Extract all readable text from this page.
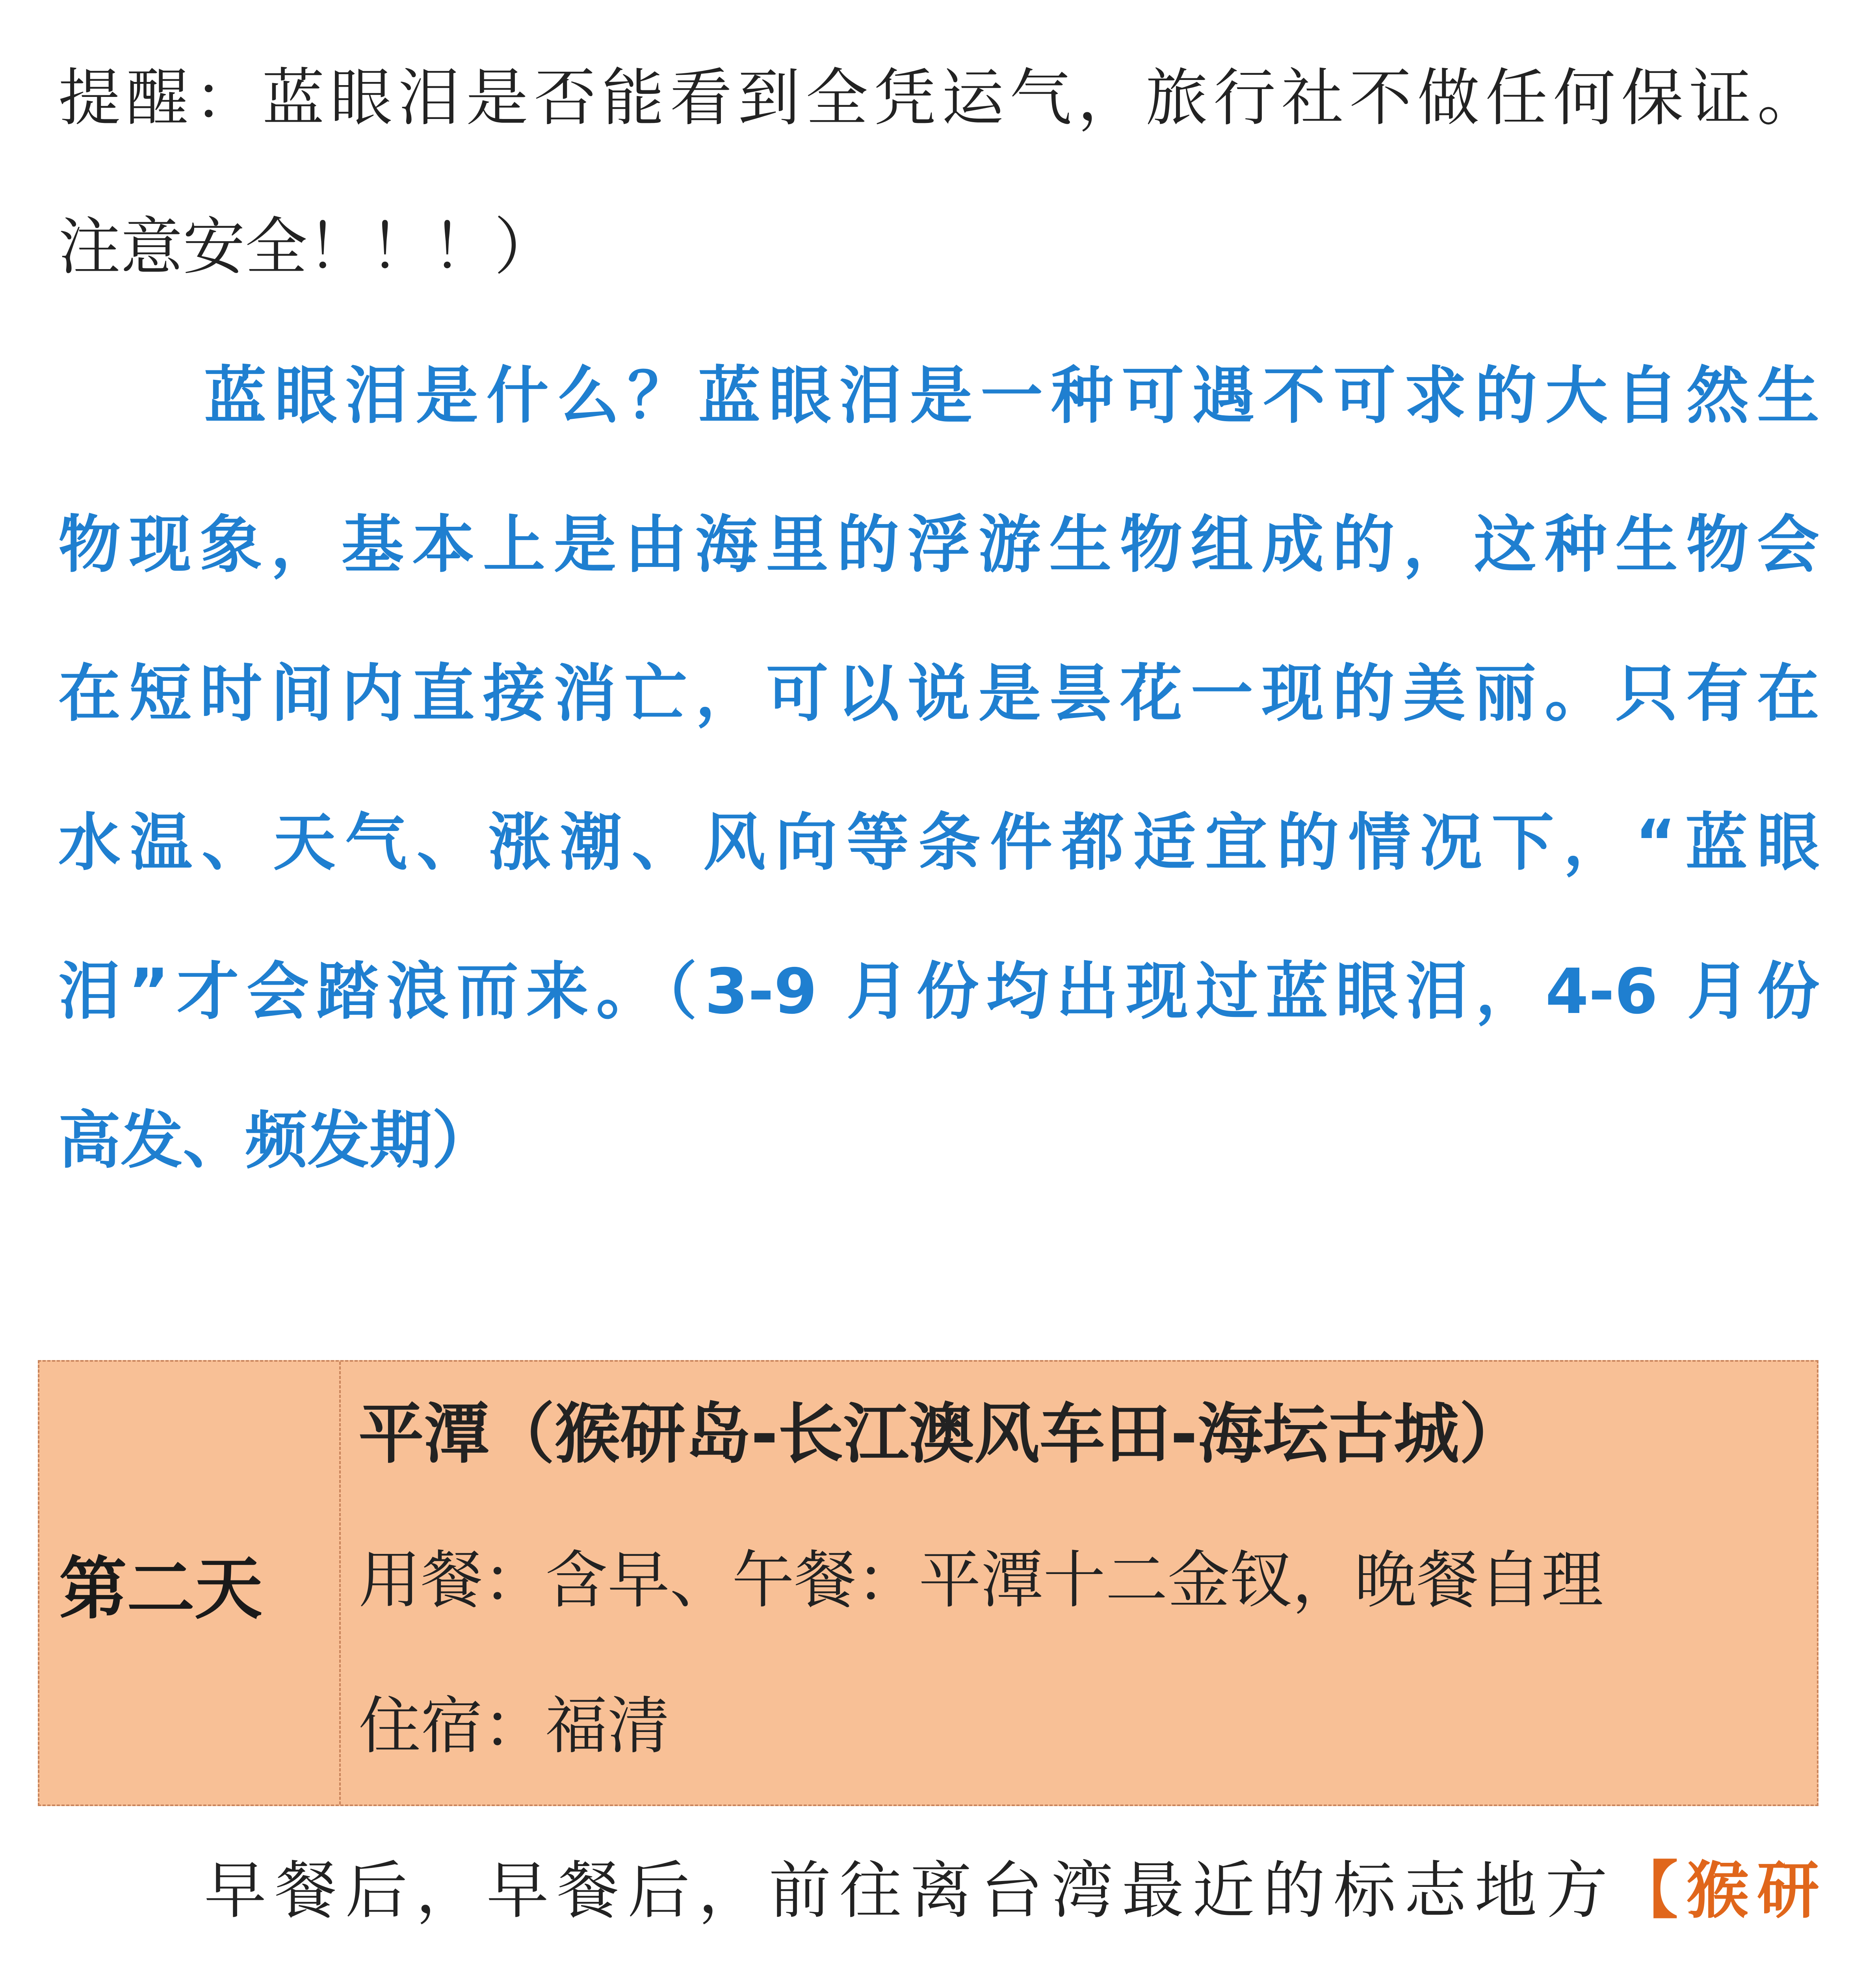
提醒：蓝眼泪是否能看到全凭运气，旅行社不做任何保证。
注意安全！！！）
蓝眼泪是什么？蓝眼泪是一种可遇不可求的大自然生
物现象，基本上是由海里的浮游生物组成的，这种生物会
在短时间内直接消亡，可以说是昙花一现的美丽。只有在
水温、天气、涨潮、风向等条件都适宜的情况下，“蓝眼
泪”才会踏浪而来。（3-9 月份均出现过蓝眼泪，4-6 月份
高发、频发期）
第二天
平潭（猴研岛-长江澳风车田-海坛古城）
用餐：含早、午餐：平潭十二金钗，晚餐自理
住宿：福清
早餐后，早餐后，前往离台湾最近的标志地方【猴研
